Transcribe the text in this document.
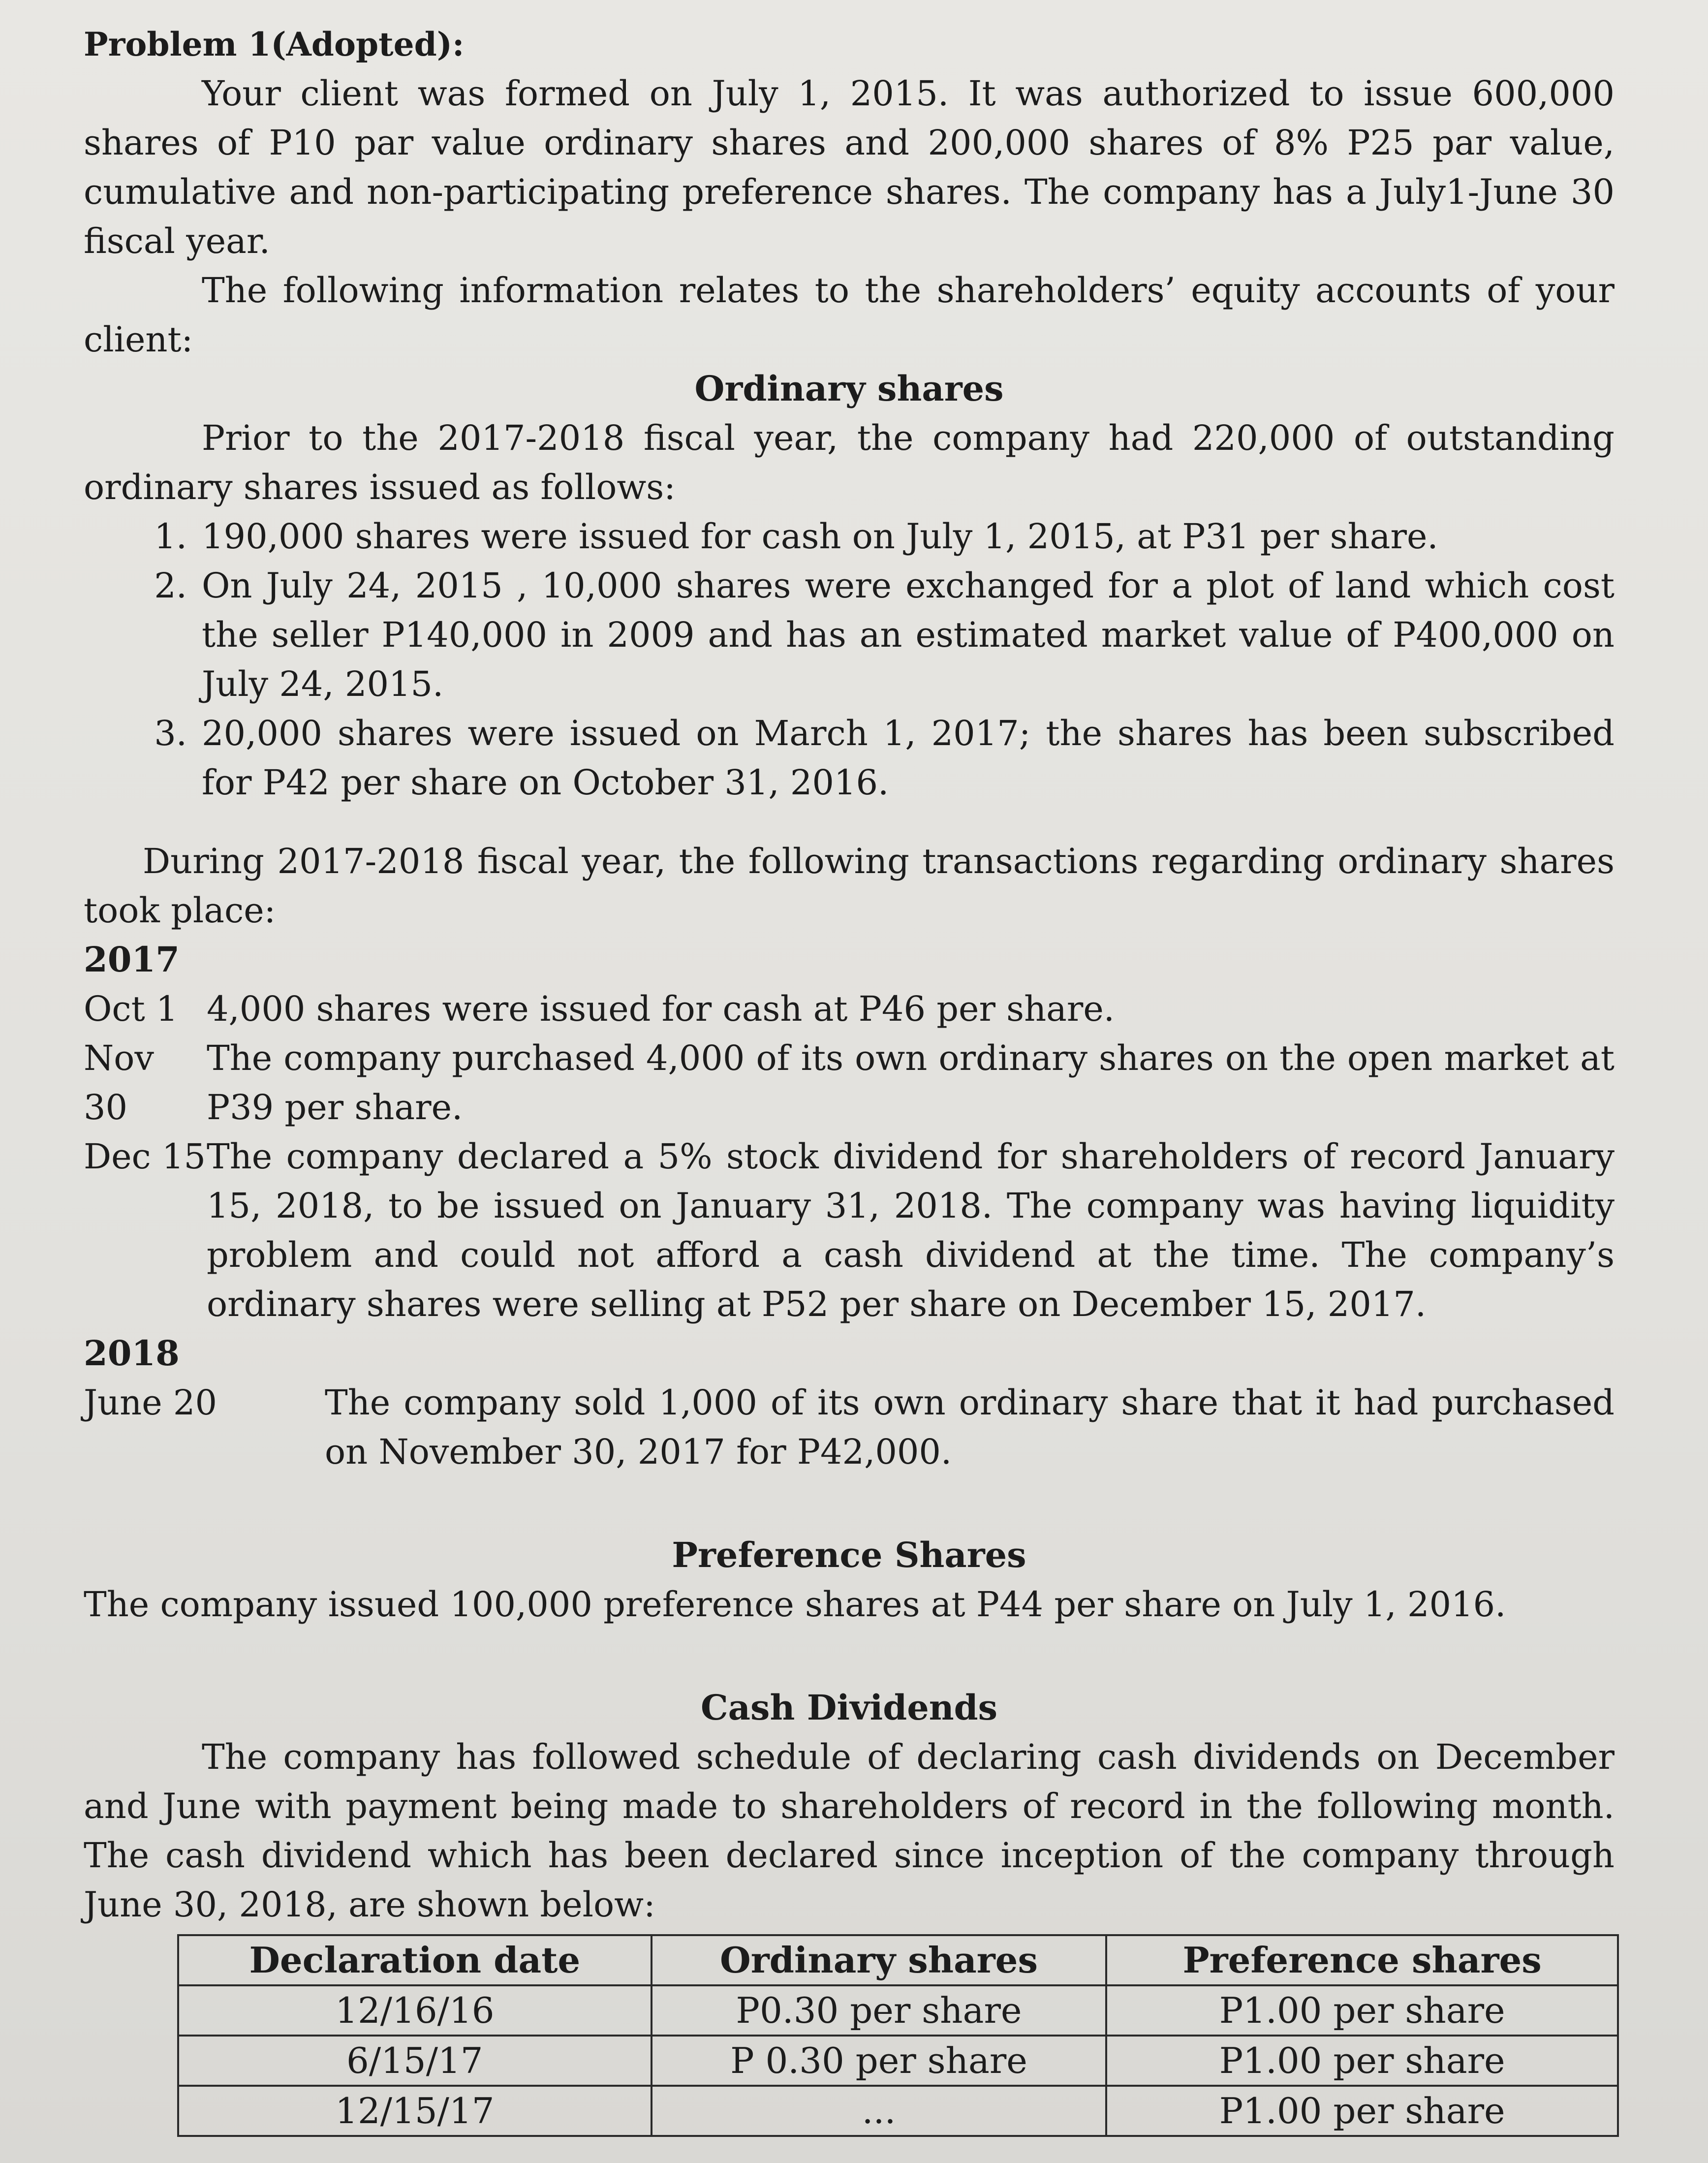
Problem 1(Adopted):

Your client was formed on July 1, 2015. It was authorized to issue 600,000 shares of P10 par value ordinary shares and 200,000 shares of 8% P25 par value, cumulative and non-participating preference shares. The company has a July1-June 30 fiscal year.

The following information relates to the shareholders’ equity accounts of your client:

Ordinary shares

Prior to the 2017-2018 fiscal year, the company had 220,000 of outstanding ordinary shares issued as follows:

1. 190,000 shares were issued for cash on July 1, 2015, at P31 per share.
2. On July 24, 2015 , 10,000 shares were exchanged for a plot of land which cost the seller P140,000 in 2009 and has an estimated market value of P400,000 on July 24, 2015.
3. 20,000 shares were issued on March 1, 2017; the shares has been subscribed for P42 per share on October 31, 2016.

During 2017-2018 fiscal year, the following transactions regarding ordinary shares took place:

2017

Oct 1 4,000 shares were issued for cash at P46 per share.
Nov 30
The company purchased 4,000 of its own ordinary shares on the open market at P39 per share.
Dec 15 The company declared a 5% stock dividend for shareholders of record January 15, 2018, to be issued on January 31, 2018. The company was having liquidity problem and could not afford a cash dividend at the time. The company’s ordinary shares were selling at P52 per share on December 15, 2017.

2018

June 20	The company sold 1,000 of its own ordinary share that it had purchased on November 30, 2017 for P42,000.

Preference Shares

The company issued 100,000 preference shares at P44 per share on July 1, 2016.

Cash Dividends

The company has followed schedule of declaring cash dividends on December and June with payment being made to shareholders of record in the following month. The cash dividend which has been declared since inception of the company through June 30, 2018, are shown below:

Declaration date	Ordinary shares	Preference shares
12/16/16	P0.30 per share	P1.00 per share
6/15/17	P 0.30 per share	P1.00 per share
12/15/17	...	P1.00 per share
